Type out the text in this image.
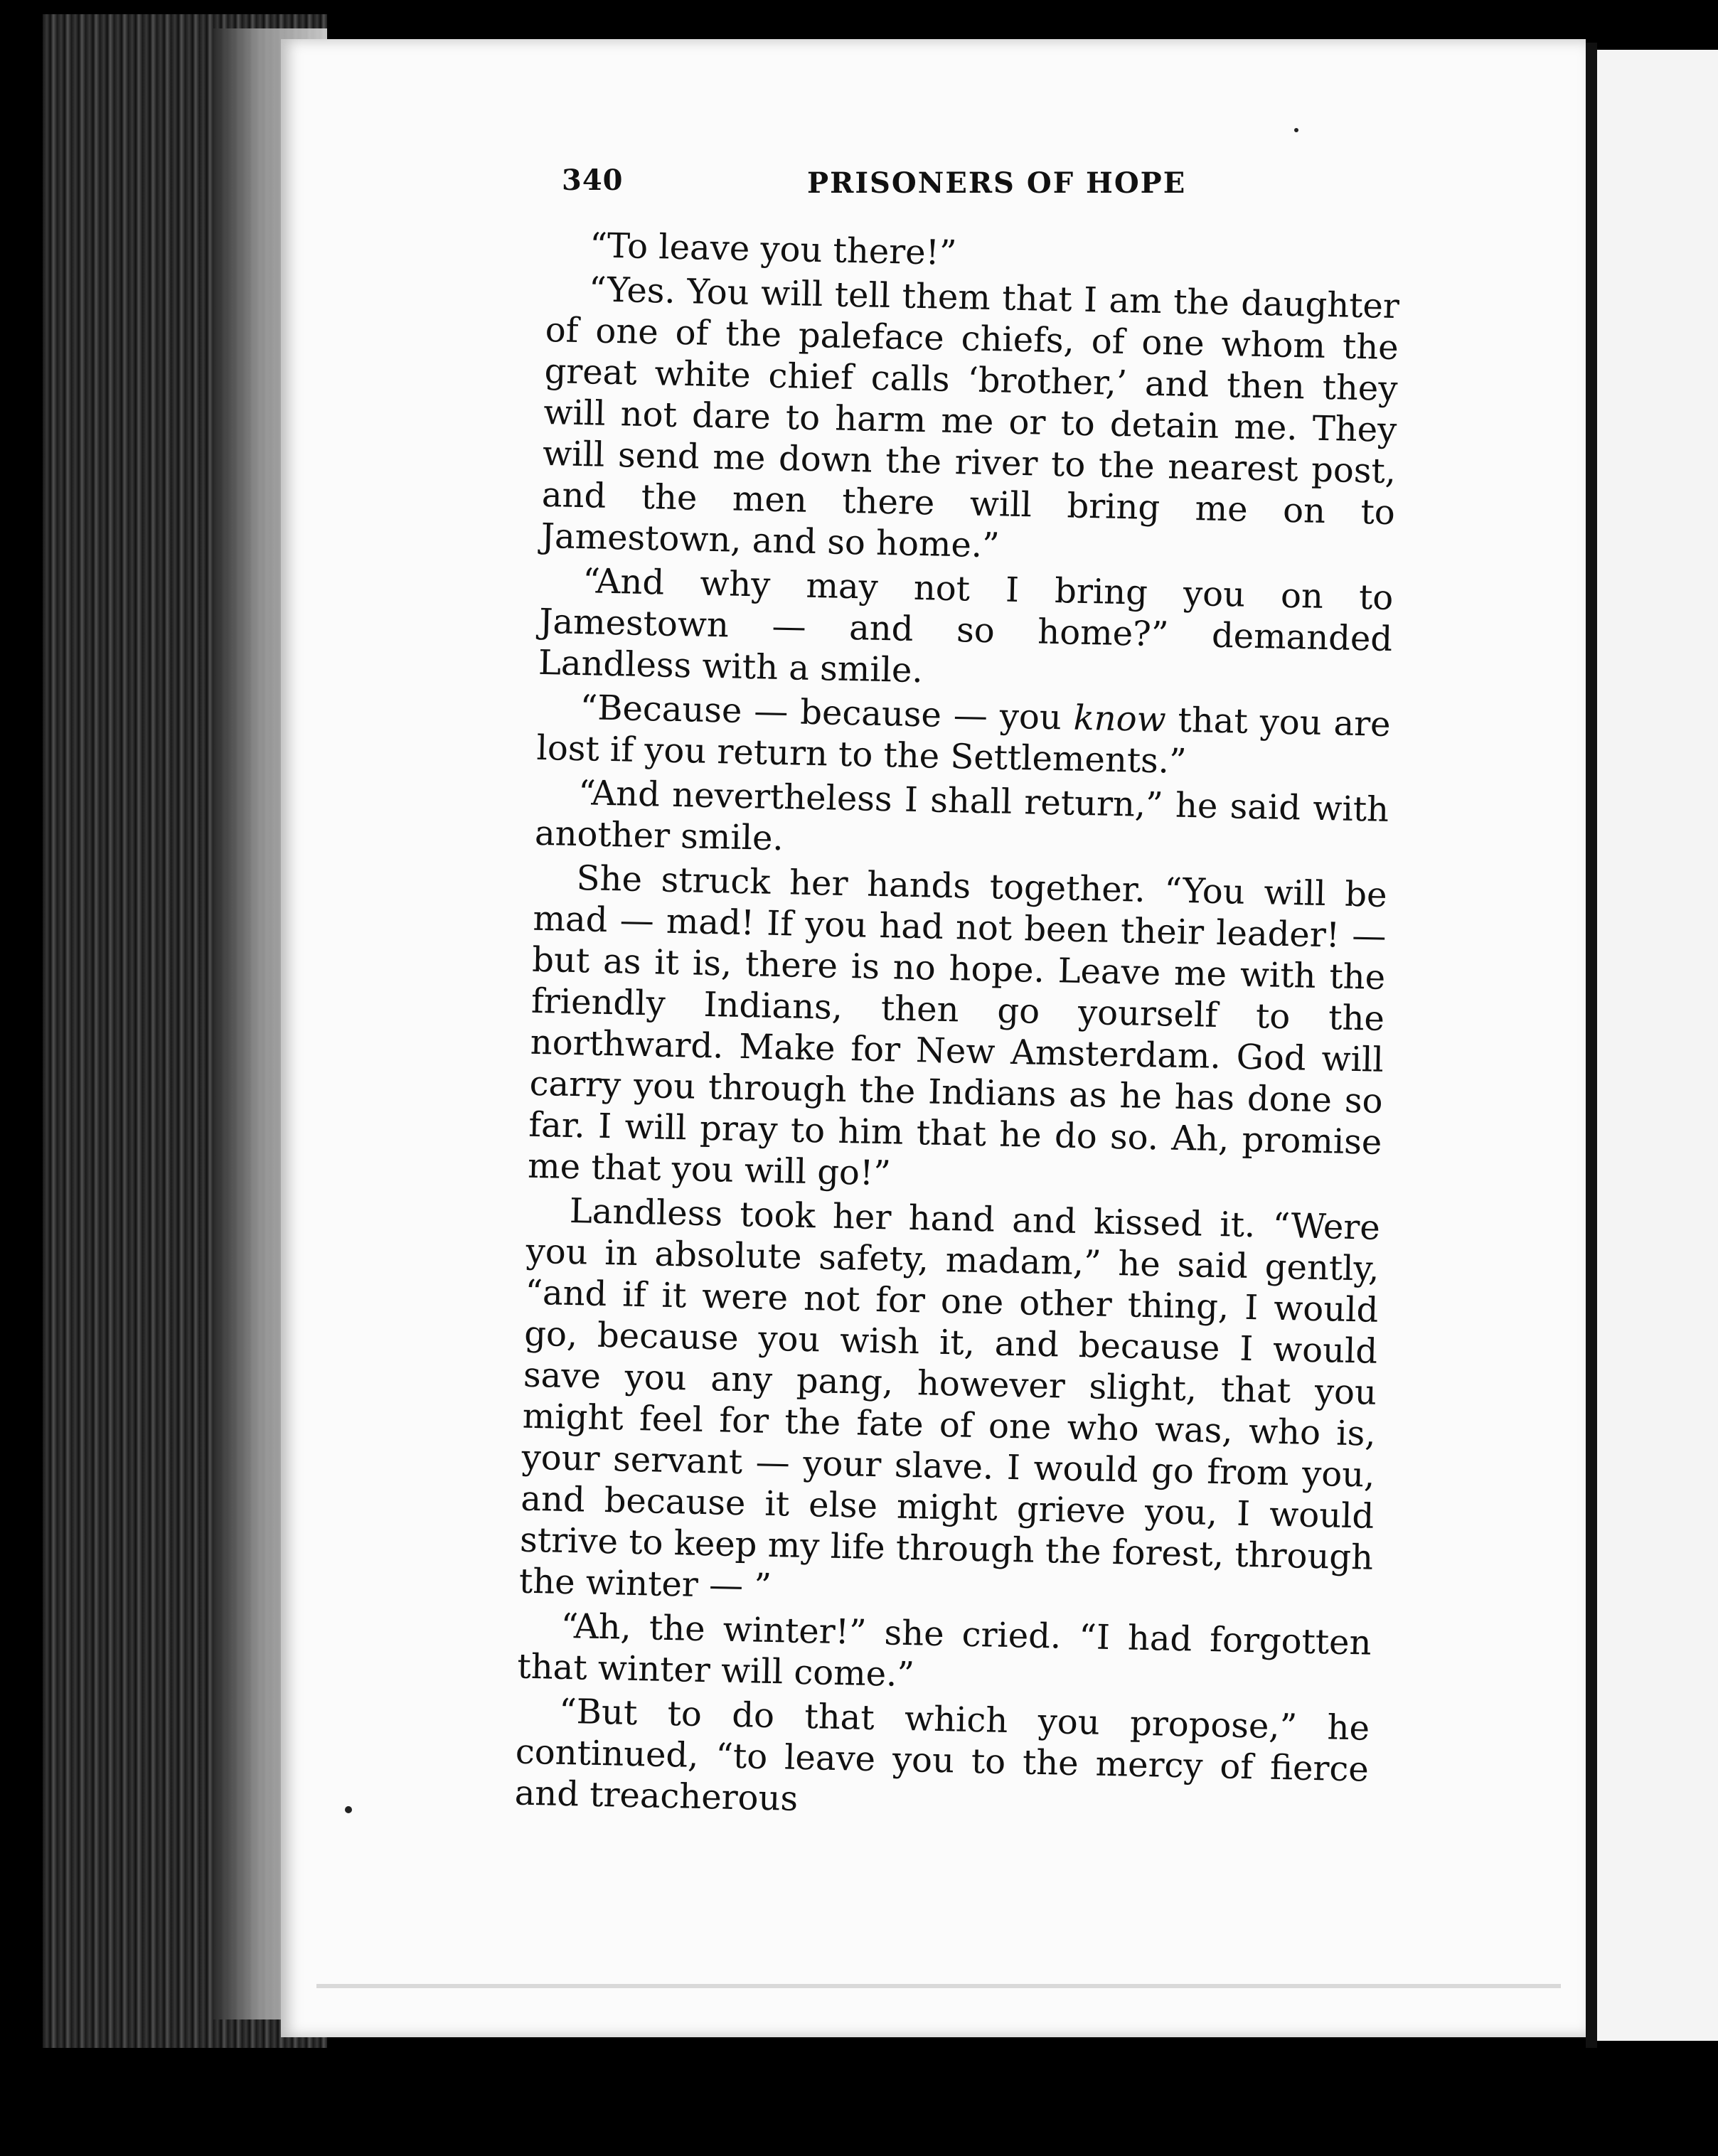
340	PRISONERS OF HOPE

“To leave you there!”

“Yes. You will tell them that I am the daughter of one of the paleface chiefs, of one whom the great white chief calls ‘brother,’ and then they will not dare to harm me or to detain me. They will send me down the river to the nearest post, and the men there will bring me on to Jamestown, and so home.”

“And why may not I bring you on to Jamestown — and so home?” demanded Landless with a smile.

“Because — because — you know that you are lost if you return to the Settlements.”

“And nevertheless I shall return,” he said with another smile.

She struck her hands together. “You will be mad — mad! If you had not been their leader! — but as it is, there is no hope. Leave me with the friendly Indians, then go yourself to the northward. Make for New Amsterdam. God will carry you through the Indians as he has done so far. I will pray to him that he do so. Ah, promise me that you will go!”

Landless took her hand and kissed it. “Were you in absolute safety, madam,” he said gently, “and if it were not for one other thing, I would go, because you wish it, and because I would save you any pang, however slight, that you might feel for the fate of one who was, who is, your servant — your slave. I would go from you, and because it else might grieve you, I would strive to keep my life through the forest, through the winter — ”

“Ah, the winter!” she cried. “I had forgotten that winter will come.”

“But to do that which you propose,” he continued, “to leave you to the mercy of fierce and treacherous
